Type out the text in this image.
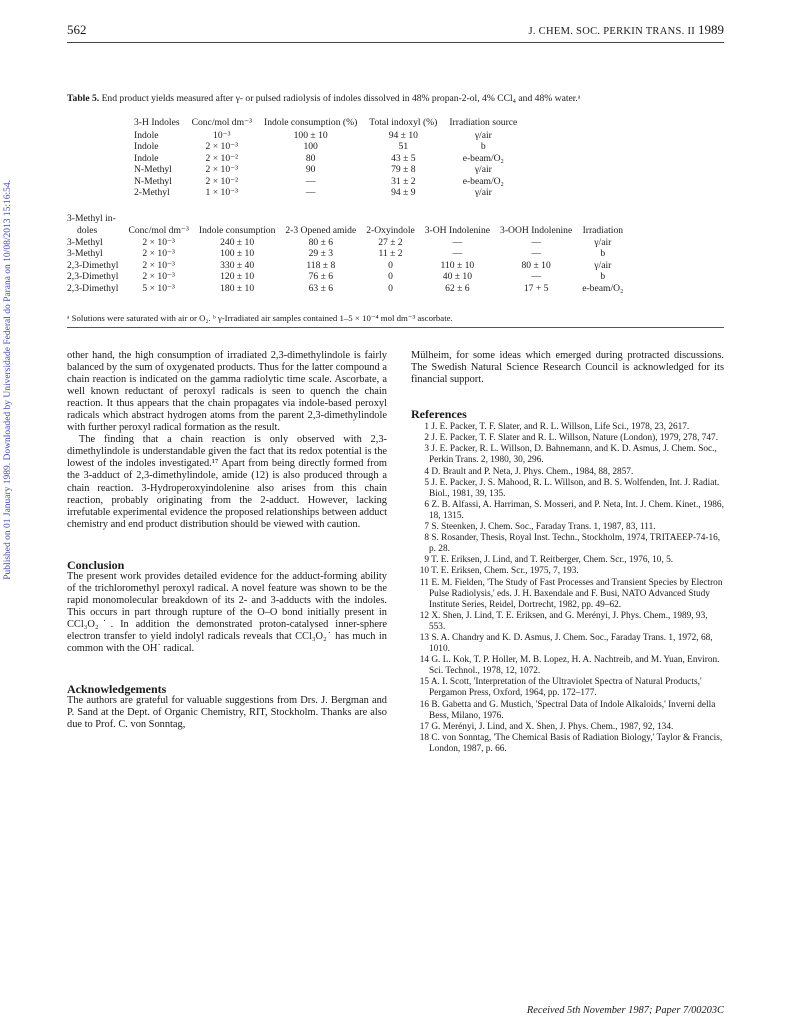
562	J. CHEM. SOC. PERKIN TRANS. II 1989
Published on 01 January 1989. Downloaded by Universidade Federal do Parana on 10/08/2013 15:16:54.
Table 5. End product yields measured after γ- or pulsed radiolysis of indoles dissolved in 48% propan-2-ol, 4% CCl₄ and 48% water.ᵃ
3-H Indoles	Conc/mol dm⁻³	Indole consumption (%)	Total indoxyl (%)	Irradiation source
Indole	10⁻³	100 ± 10	94 ± 10	γ/air
Indole	2 × 10⁻³	100	51	b
Indole	2 × 10⁻²	80	43 ± 5	e-beam/O₂
N-Methyl	2 × 10⁻³	90	79 ± 8	γ/air
N-Methyl	2 × 10⁻²	—	31 ± 2	e-beam/O₂
2-Methyl	1 × 10⁻³	—	94 ± 9	γ/air
3-Methyl in-							
doles	Conc/mol dm⁻³	Indole consumption	2-3 Opened amide	2-Oxyindole	3-OH Indolenine	3-OOH Indolenine	Irradiation
3-Methyl	2 × 10⁻³	240 ± 10	80 ± 6	27 ± 2	—	—	γ/air
3-Methyl	2 × 10⁻³	100 ± 10	29 ± 3	11 ± 2	—	—	b
2,3-Dimethyl	2 × 10⁻³	330 ± 40	118 ± 8	0	110 ± 10	80 ± 10	γ/air
2,3-Dimethyl	2 × 10⁻³	120 ± 10	76 ± 6	0	40 ± 10	—	b
2,3-Dimethyl	5 × 10⁻³	180 ± 10	63 ± 6	0	62 ± 6	17 + 5	e-beam/O₂
ᵃ Solutions were saturated with air or O₂. ᵇ γ-Irradiated air samples contained 1–5 × 10⁻⁴ mol dm⁻³ ascorbate.

other hand, the high consumption of irradiated 2,3-dimethylindole is fairly balanced by the sum of oxygenated products. Thus for the latter compound a chain reaction is indicated on the gamma radiolytic time scale. Ascorbate, a well known reductant of peroxyl radicals is seen to quench the chain reaction. It thus appears that the chain propagates via indole-based peroxyl radicals which abstract hydrogen atoms from the parent 2,3-dimethylindole with further peroxyl radical formation as the result.

The finding that a chain reaction is only observed with 2,3-dimethylindole is understandable given the fact that its redox potential is the lowest of the indoles investigated.¹⁷ Apart from being directly formed from the 3-adduct of 2,3-dimethylindole, amide (12) is also produced through a chain reaction. 3-Hydroperoxyindolenine also arises from this chain reaction, probably originating from the 2-adduct. However, lacking irrefutable experimental evidence the proposed relationships between adduct chemistry and end product distribution should be viewed with caution.

Conclusion

The present work provides detailed evidence for the adduct-forming ability of the trichloromethyl peroxyl radical. A novel feature was shown to be the rapid monomolecular breakdown of its 2- and 3-adducts with the indoles. This occurs in part through rupture of the O–O bond initially present in CCl₃O₂˙. In addition the demonstrated proton-catalysed inner-sphere electron transfer to yield indolyl radicals reveals that CCl₃O₂˙ has much in common with the OH˙ radical.

Acknowledgements

The authors are grateful for valuable suggestions from Drs. J. Bergman and P. Sand at the Dept. of Organic Chemistry, RIT, Stockholm. Thanks are also due to Prof. C. von Sonntag,

Mülheim, for some ideas which emerged during protracted discussions. The Swedish Natural Science Research Council is acknowledged for its financial support.

References
1 J. E. Packer, T. F. Slater, and R. L. Willson, Life Sci., 1978, 23, 2617.
2 J. E. Packer, T. F. Slater and R. L. Willson, Nature (London), 1979, 278, 747.
3 J. E. Packer, R. L. Willson, D. Bahnemann, and K. D. Asmus, J. Chem. Soc., Perkin Trans. 2, 1980, 30, 296.
4 D. Brault and P. Neta, J. Phys. Chem., 1984, 88, 2857.
5 J. E. Packer, J. S. Mahood, R. L. Willson, and B. S. Wolfenden, Int. J. Radiat. Biol., 1981, 39, 135.
6 Z. B. Alfassi, A. Harriman, S. Mosseri, and P. Neta, Int. J. Chem. Kinet., 1986, 18, 1315.
7 S. Steenken, J. Chem. Soc., Faraday Trans. 1, 1987, 83, 111.
8 S. Rosander, Thesis, Royal Inst. Techn., Stockholm, 1974, TRITAEEP-74-16, p. 28.
9 T. E. Eriksen, J. Lind, and T. Reitberger, Chem. Scr., 1976, 10, 5.
10 T. E. Eriksen, Chem. Scr., 1975, 7, 193.
11 E. M. Fielden, 'The Study of Fast Processes and Transient Species by Electron Pulse Radiolysis,' eds. J. H. Baxendale and F. Busi, NATO Advanced Study Institute Series, Reidel, Dortrecht, 1982, pp. 49–62.
12 X. Shen, J. Lind, T. E. Eriksen, and G. Merényi, J. Phys. Chem., 1989, 93, 553.
13 S. A. Chandry and K. D. Asmus, J. Chem. Soc., Faraday Trans. 1, 1972, 68, 1010.
14 G. L. Kok, T. P. Holler, M. B. Lopez, H. A. Nachtreib, and M. Yuan, Environ. Sci. Technol., 1978, 12, 1072.
15 A. I. Scott, 'Interpretation of the Ultraviolet Spectra of Natural Products,' Pergamon Press, Oxford, 1964, pp. 172–177.
16 B. Gabetta and G. Mustich, 'Spectral Data of Indole Alkaloids,' Inverni della Bess, Milano, 1976.
17 G. Merényi, J. Lind, and X. Shen, J. Phys. Chem., 1987, 92, 134.
18 C. von Sonntag, 'The Chemical Basis of Radiation Biology,' Taylor & Francis, London, 1987, p. 66.
Received 5th November 1987; Paper 7/00203C
